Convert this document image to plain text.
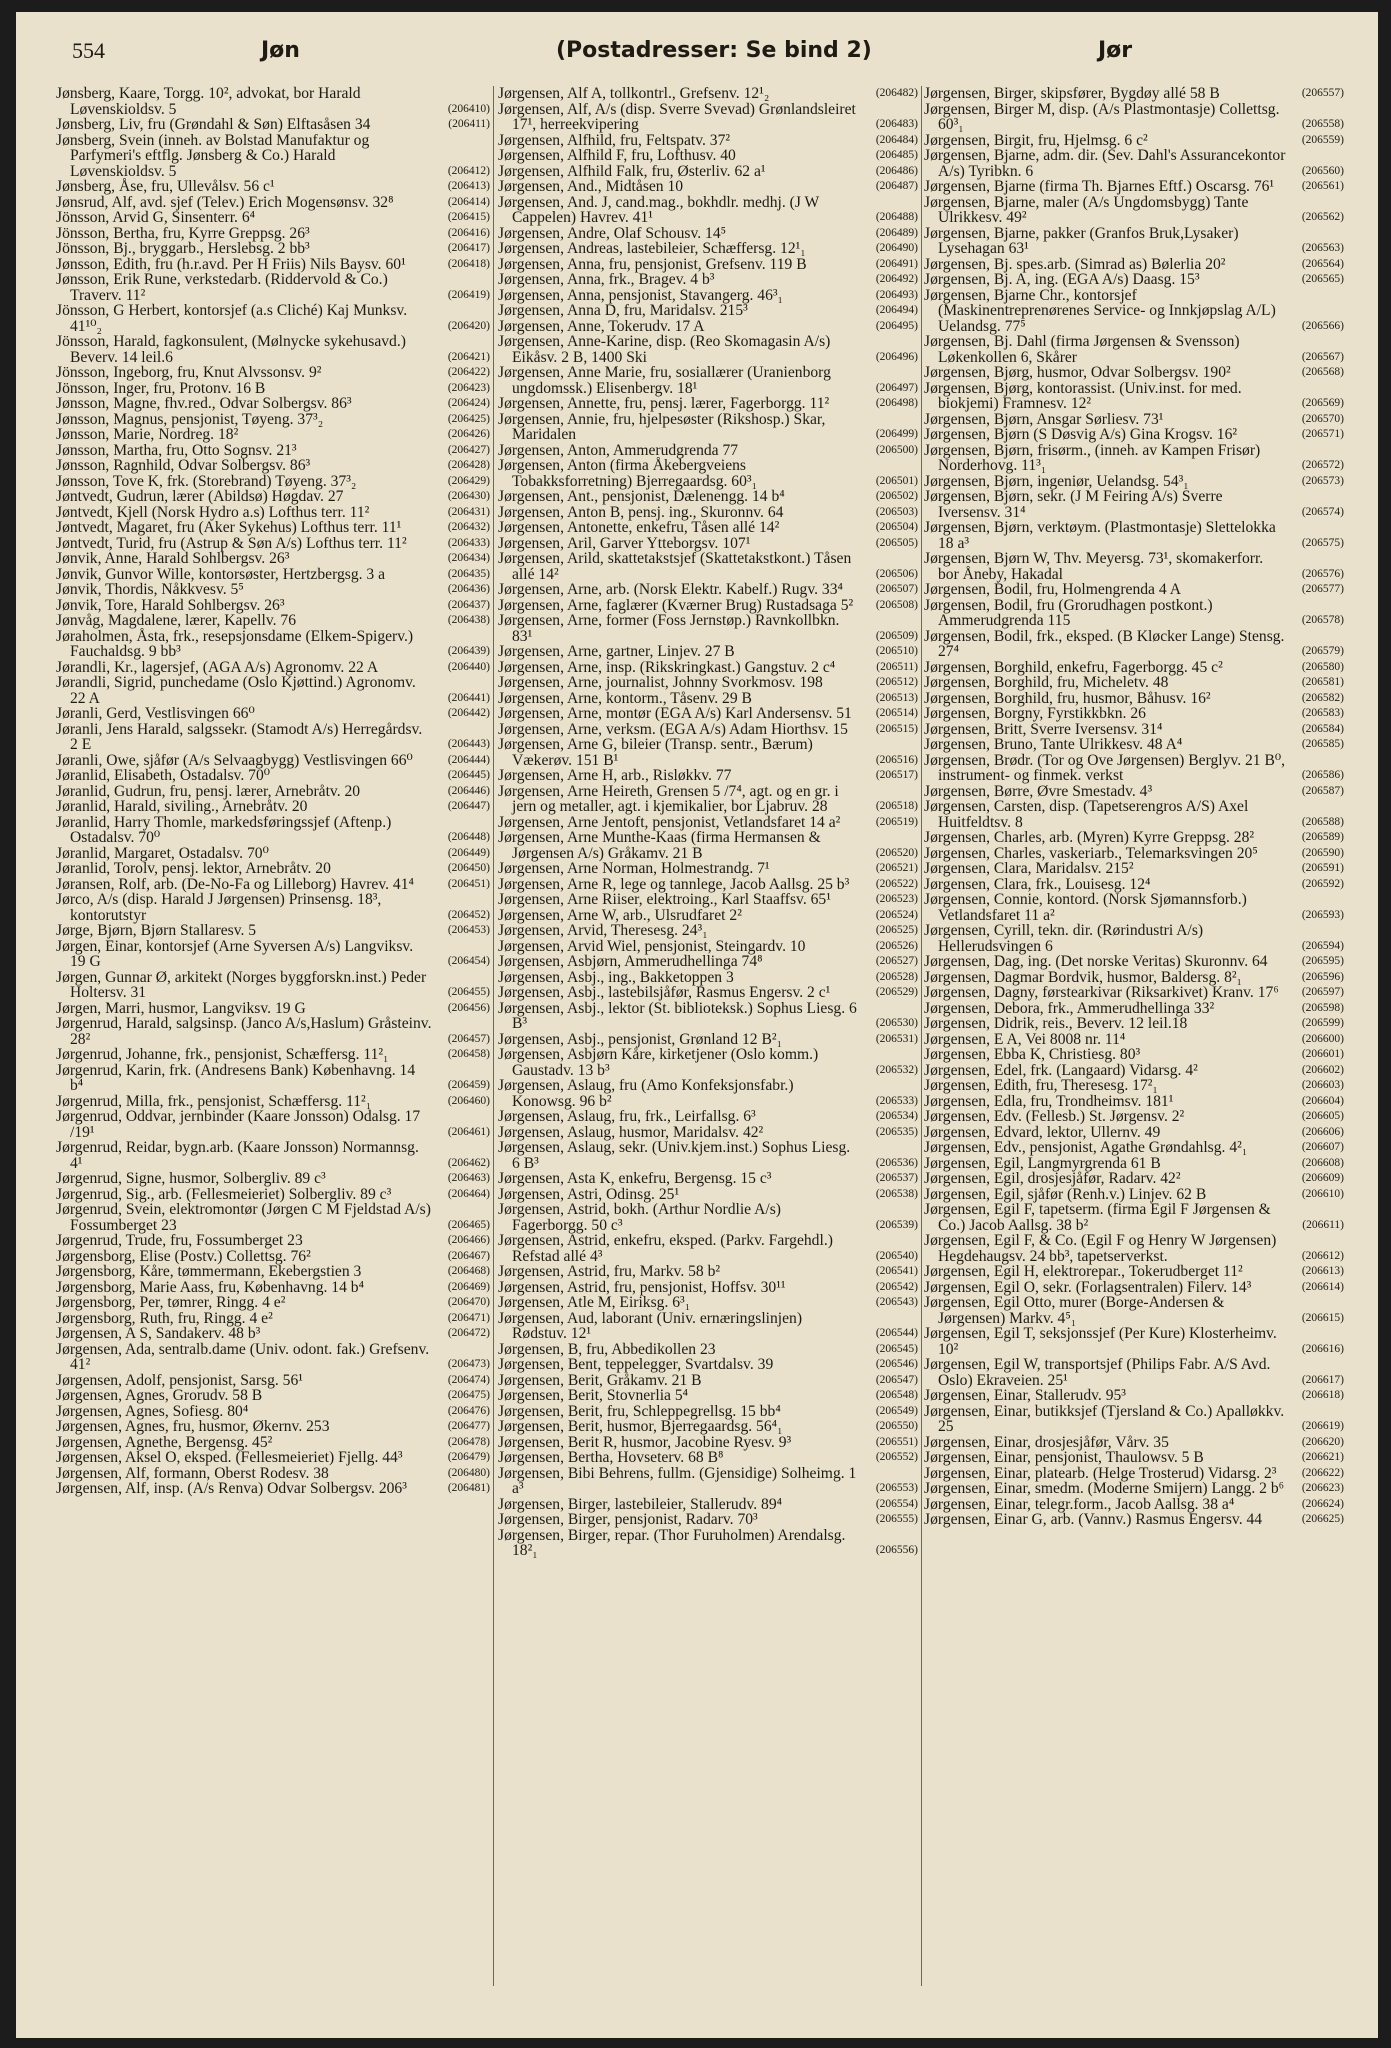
554	Jøn	(Postadresser: Se bind 2)	Jør
Jønsberg, Kaare, Torgg. 10², advokat, bor Harald Løvenskioldsv. 5	(206410)
Jønsberg, Liv, fru (Grøndahl & Søn) Elftasåsen 34	(206411)
Jønsberg, Svein (inneh. av Bolstad Manufaktur og Parfymeri's eftflg. Jønsberg & Co.) Harald Løvenskioldsv. 5	(206412)
Jønsberg, Åse, fru, Ullevålsv. 56 c¹	(206413)
Jønsrud, Alf, avd. sjef (Telev.) Erich Mogensønsv. 32⁸	(206414)
Jönsson, Arvid G, Sinsenterr. 6⁴	(206415)
Jönsson, Bertha, fru, Kyrre Greppsg. 26³	(206416)
Jönsson, Bj., bryggarb., Herslebsg. 2 bb³	(206417)
Jønsson, Edith, fru (h.r.avd. Per H Friis) Nils Baysv. 60¹	(206418)
Jønsson, Erik Rune, verkstedarb. (Riddervold & Co.) Traverv. 11²	(206419)
Jönsson, G Herbert, kontorsjef (a.s Cliché) Kaj Munksv. 41¹⁰₂	(206420)
Jönsson, Harald, fagkonsulent, (Mølnycke sykehusavd.) Beverv. 14 leil.6	(206421)
Jönsson, Ingeborg, fru, Knut Alvssonsv. 9²	(206422)
Jönsson, Inger, fru, Protonv. 16 B	(206423)
Jønsson, Magne, fhv.red., Odvar Solbergsv. 86³	(206424)
Jønsson, Magnus, pensjonist, Tøyeng. 37³₂	(206425)
Jønsson, Marie, Nordreg. 18²	(206426)
Jønsson, Martha, fru, Otto Sognsv. 21³	(206427)
Jønsson, Ragnhild, Odvar Solbergsv. 86³	(206428)
Jønsson, Tove K, frk. (Storebrand) Tøyeng. 37³₂	(206429)
Jøntvedt, Gudrun, lærer (Abildsø) Høgdav. 27	(206430)
Jøntvedt, Kjell (Norsk Hydro a.s) Lofthus terr. 11²	(206431)
Jøntvedt, Magaret, fru (Aker Sykehus) Lofthus terr. 11¹	(206432)
Jøntvedt, Turid, fru (Astrup & Søn A/s) Lofthus terr. 11²	(206433)
Jønvik, Anne, Harald Sohlbergsv. 26³	(206434)
Jønvik, Gunvor Wille, kontorsøster, Hertzbergsg. 3 a	(206435)
Jønvik, Thordis, Nåkkvesv. 5⁵	(206436)
Jønvik, Tore, Harald Sohlbergsv. 26³	(206437)
Jønvåg, Magdalene, lærer, Kapellv. 76	(206438)
Jøraholmen, Åsta, frk., resepsjonsdame (Elkem-Spigerv.) Fauchaldsg. 9 bb³	(206439)
Jørandli, Kr., lagersjef, (AGA A/s) Agronomv. 22 A	(206440)
Jørandli, Sigrid, punchedame (Oslo Kjøttind.) Agronomv. 22 A	(206441)
Jøranli, Gerd, Vestlisvingen 66⁰	(206442)
Jøranli, Jens Harald, salgssekr. (Stamodt A/s) Herregårdsv. 2 E	(206443)
Jøranli, Owe, sjåfør (A/s Selvaagbygg) Vestlisvingen 66⁰	(206444)
Jøranlid, Elisabeth, Ostadalsv. 70⁰	(206445)
Jøranlid, Gudrun, fru, pensj. lærer, Arnebråtv. 20	(206446)
Jøranlid, Harald, siviling., Arnebråtv. 20	(206447)
Jøranlid, Harry Thomle, markedsføringssjef (Aftenp.) Ostadalsv. 70⁰	(206448)
Jøranlid, Margaret, Ostadalsv. 70⁰	(206449)
Jøranlid, Torolv, pensj. lektor, Arnebråtv. 20	(206450)
Jøransen, Rolf, arb. (De-No-Fa og Lilleborg) Havrev. 41⁴	(206451)
Jørco, A/s (disp. Harald J Jørgensen) Prinsensg. 18³, kontorutstyr	(206452)
Jørge, Bjørn, Bjørn Stallaresv. 5	(206453)
Jørgen, Einar, kontorsjef (Arne Syversen A/s) Langviksv. 19 G	(206454)
Jørgen, Gunnar Ø, arkitekt (Norges byggforskn.inst.) Peder Holtersv. 31	(206455)
Jørgen, Marri, husmor, Langviksv. 19 G	(206456)
Jørgenrud, Harald, salgsinsp. (Janco A/s,Haslum) Gråsteinv. 28²	(206457)
Jørgenrud, Johanne, frk., pensjonist, Schæffersg. 11²₁	(206458)
Jørgenrud, Karin, frk. (Andresens Bank) Københavng. 14 b⁴	(206459)
Jørgenrud, Milla, frk., pensjonist, Schæffersg. 11²₁	(206460)
Jørgenrud, Oddvar, jernbinder (Kaare Jonsson) Odalsg. 17 /19¹	(206461)
Jørgenrud, Reidar, bygn.arb. (Kaare Jonsson) Normannsg. 4¹	(206462)
Jørgenrud, Signe, husmor, Solbergliv. 89 c³	(206463)
Jørgenrud, Sig., arb. (Fellesmeieriet) Solbergliv. 89 c³	(206464)
Jørgenrud, Svein, elektromontør (Jørgen C M Fjeldstad A/s) Fossumberget 23	(206465)
Jørgenrud, Trude, fru, Fossumberget 23	(206466)
Jørgensborg, Elise (Postv.) Collettsg. 76²	(206467)
Jørgensborg, Kåre, tømmermann, Ekebergstien 3	(206468)
Jørgensborg, Marie Aass, fru, Københavng. 14 b⁴	(206469)
Jørgensborg, Per, tømrer, Ringg. 4 e²	(206470)
Jørgensborg, Ruth, fru, Ringg. 4 e²	(206471)
Jørgensen, A S, Sandakerv. 48 b³	(206472)
Jørgensen, Ada, sentralb.dame (Univ. odont. fak.) Grefsenv. 41²	(206473)
Jørgensen, Adolf, pensjonist, Sarsg. 56¹	(206474)
Jørgensen, Agnes, Grorudv. 58 B	(206475)
Jørgensen, Agnes, Sofiesg. 80⁴	(206476)
Jørgensen, Agnes, fru, husmor, Økernv. 253	(206477)
Jørgensen, Agnethe, Bergensg. 45²	(206478)
Jørgensen, Aksel O, eksped. (Fellesmeieriet) Fjellg. 44³	(206479)
Jørgensen, Alf, formann, Oberst Rodesv. 38	(206480)
Jørgensen, Alf, insp. (A/s Renva) Odvar Solbergsv. 206³	(206481)
Jørgensen, Alf A, tollkontrl., Grefsenv. 12¹₂	(206482)
Jørgensen, Alf, A/s (disp. Sverre Svevad) Grønlandsleiret 17¹, herreekvipering	(206483)
Jørgensen, Alfhild, fru, Feltspatv. 37²	(206484)
Jørgensen, Alfhild F, fru, Lofthusv. 40	(206485)
Jørgensen, Alfhild Falk, fru, Østerliv. 62 a¹	(206486)
Jørgensen, And., Midtåsen 10	(206487)
Jørgensen, And. J, cand.mag., bokhdlr. medhj. (J W Cappelen) Havrev. 41¹	(206488)
Jørgensen, Andre, Olaf Schousv. 14⁵	(206489)
Jørgensen, Andreas, lastebileier, Schæffersg. 12¹₁	(206490)
Jørgensen, Anna, fru, pensjonist, Grefsenv. 119 B	(206491)
Jørgensen, Anna, frk., Bragev. 4 b³	(206492)
Jørgensen, Anna, pensjonist, Stavangerg. 46³₁	(206493)
Jørgensen, Anna D, fru, Maridalsv. 215³	(206494)
Jørgensen, Anne, Tokerudv. 17 A	(206495)
Jørgensen, Anne-Karine, disp. (Reo Skomagasin A/s) Eikåsv. 2 B, 1400 Ski	(206496)
Jørgensen, Anne Marie, fru, sosiallærer (Uranienborg ungdomssk.) Elisenbergv. 18¹	(206497)
Jørgensen, Annette, fru, pensj. lærer, Fagerborgg. 11²	(206498)
Jørgensen, Annie, fru, hjelpesøster (Rikshosp.) Skar, Maridalen	(206499)
Jørgensen, Anton, Ammerudgrenda 77	(206500)
Jørgensen, Anton (firma Åkebergveiens Tobakksforretning) Bjerregaardsg. 60³₁	(206501)
Jørgensen, Ant., pensjonist, Dælenengg. 14 b⁴	(206502)
Jørgensen, Anton B, pensj. ing., Skuronnv. 64	(206503)
Jørgensen, Antonette, enkefru, Tåsen allé 14²	(206504)
Jørgensen, Aril, Garver Ytteborgsv. 107¹	(206505)
Jørgensen, Arild, skattetakstsjef (Skattetakstkont.) Tåsen allé 14²	(206506)
Jørgensen, Arne, arb. (Norsk Elektr. Kabelf.) Rugv. 33⁴	(206507)
Jørgensen, Arne, faglærer (Kværner Brug) Rustadsaga 5² (206508)
Jørgensen, Arne, former (Foss Jernstøp.) Ravnkollbkn. 83¹	(206509)
Jørgensen, Arne, gartner, Linjev. 27 B	(206510)
Jørgensen, Arne, insp. (Rikskringkast.) Gangstuv. 2 c⁴	(206511)
Jørgensen, Arne, journalist, Johnny Svorkmosv. 198	(206512)
Jørgensen, Arne, kontorm., Tåsenv. 29 B	(206513)
Jørgensen, Arne, montør (EGA A/s) Karl Andersensv. 51 (206514)
Jørgensen, Arne, verksm. (EGA A/s) Adam Hiorthsv. 15 (206515)
Jørgensen, Arne G, bileier (Transp. sentr., Bærum) Vækerøv. 151 B¹	(206516)
Jørgensen, Arne H, arb., Risløkkv. 77	(206517)
Jørgensen, Arne Heireth, Grensen 5 /7⁴, agt. og en gr. i jern og metaller, agt. i kjemikalier, bor Ljabruv. 28	(206518)
Jørgensen, Arne Jentoft, pensjonist, Vetlandsfaret 14 a²	(206519)
Jørgensen, Arne Munthe-Kaas (firma Hermansen & Jørgensen A/s) Gråkamv. 21 B	(206520)
Jørgensen, Arne Norman, Holmestrandg. 7¹	(206521)
Jørgensen, Arne R, lege og tannlege, Jacob Aallsg. 25 b³ (206522)
Jørgensen, Arne Riiser, elektroing., Karl Staaffsv. 65¹	(206523)
Jørgensen, Arne W, arb., Ulsrudfaret 2²	(206524)
Jørgensen, Arvid, Theresesg. 24³₁	(206525)
Jørgensen, Arvid Wiel, pensjonist, Steingardv. 10	(206526)
Jørgensen, Asbjørn, Ammerudhellinga 74⁸	(206527)
Jørgensen, Asbj., ing., Bakketoppen 3	(206528)
Jørgensen, Asbj., lastebilsjåfør, Rasmus Engersv. 2 c¹	(206529)
Jørgensen, Asbj., lektor (St. biblioteksk.) Sophus Liesg. 6 B³	(206530)
Jørgensen, Asbj., pensjonist, Grønland 12 B²₁	(206531)
Jørgensen, Asbjørn Kåre, kirketjener (Oslo komm.) Gaustadv. 13 b³	(206532)
Jørgensen, Aslaug, fru (Amo Konfeksjonsfabr.) Konowsg. 96 b²	(206533)
Jørgensen, Aslaug, fru, frk., Leirfallsg. 6³	(206534)
Jørgensen, Aslaug, husmor, Maridalsv. 42²	(206535)
Jørgensen, Aslaug, sekr. (Univ.kjem.inst.) Sophus Liesg. 6 B³	(206536)
Jørgensen, Asta K, enkefru, Bergensg. 15 c³	(206537)
Jørgensen, Astri, Odinsg. 25¹	(206538)
Jørgensen, Astrid, bokh. (Arthur Nordlie A/s) Fagerborgg. 50 c³	(206539)
Jørgensen, Astrid, enkefru, eksped. (Parkv. Fargehdl.) Refstad allé 4³	(206540)
Jørgensen, Astrid, fru, Markv. 58 b²	(206541)
Jørgensen, Astrid, fru, pensjonist, Hoffsv. 30¹¹	(206542)
Jørgensen, Atle M, Eiriksg. 6³₁	(206543)
Jørgensen, Aud, laborant (Univ. ernæringslinjen) Rødstuv. 12¹	(206544)
Jørgensen, B, fru, Abbedikollen 23	(206545)
Jørgensen, Bent, teppelegger, Svartdalsv. 39	(206546)
Jørgensen, Berit, Gråkamv. 21 B	(206547)
Jørgensen, Berit, Stovnerlia 5⁴	(206548)
Jørgensen, Berit, fru, Schleppegrellsg. 15 bb⁴	(206549)
Jørgensen, Berit, husmor, Bjerregaardsg. 56⁴₁	(206550)
Jørgensen, Berit R, husmor, Jacobine Ryesv. 9³	(206551)
Jørgensen, Bertha, Hovseterv. 68 B⁸	(206552)
Jørgensen, Bibi Behrens, fullm. (Gjensidige) Solheimg. 1 a³	(206553)
Jørgensen, Birger, lastebileier, Stallerudv. 89⁴	(206554)
Jørgensen, Birger, pensjonist, Radarv. 70³	(206555)
Jørgensen, Birger, repar. (Thor Furuholmen) Arendalsg. 18²₁	(206556)
Jørgensen, Birger, skipsfører, Bygdøy allé 58 B	(206557)
Jørgensen, Birger M, disp. (A/s Plastmontasje) Collettsg. 60³₁	(206558)
Jørgensen, Birgit, fru, Hjelmsg. 6 c²	(206559)
Jørgensen, Bjarne, adm. dir. (Sev. Dahl's Assurancekontor A/s) Tyribkn. 6	(206560)
Jørgensen, Bjarne (firma Th. Bjarnes Eftf.) Oscarsg. 76¹ (206561)
Jørgensen, Bjarne, maler (A/s Ungdomsbygg) Tante Ulrikkesv. 49²	(206562)
Jørgensen, Bjarne, pakker (Granfos Bruk,Lysaker) Lysehagan 63¹	(206563)
Jørgensen, Bj. spes.arb. (Simrad as) Bølerlia 20²	(206564)
Jørgensen, Bj. A, ing. (EGA A/s) Daasg. 15³	(206565)
Jørgensen, Bjarne Chr., kontorsjef (Maskinentreprenørenes Service- og Innkjøpslag A/L) Uelandsg. 77⁵	(206566)
Jørgensen, Bj. Dahl (firma Jørgensen & Svensson) Løkenkollen 6, Skårer	(206567)
Jørgensen, Bjørg, husmor, Odvar Solbergsv. 190²	(206568)
Jørgensen, Bjørg, kontorassist. (Univ.inst. for med. biokjemi) Framnesv. 12²	(206569)
Jørgensen, Bjørn, Ansgar Sørliesv. 73¹	(206570)
Jørgensen, Bjørn (S Døsvig A/s) Gina Krogsv. 16²	(206571)
Jørgensen, Bjørn, frisørm., (inneh. av Kampen Frisør) Norderhovg. 11³₁	(206572)
Jørgensen, Bjørn, ingeniør, Uelandsg. 54³₁	(206573)
Jørgensen, Bjørn, sekr. (J M Feiring A/s) Sverre Iversensv. 31⁴	(206574)
Jørgensen, Bjørn, verktøym. (Plastmontasje) Slettelokka 18 a³	(206575)
Jørgensen, Bjørn W, Thv. Meyersg. 73¹, skomakerforr. bor Åneby, Hakadal	(206576)
Jørgensen, Bodil, fru, Holmengrenda 4 A	(206577)
Jørgensen, Bodil, fru (Grorudhagen postkont.) Ammerudgrenda 115	(206578)
Jørgensen, Bodil, frk., eksped. (B Kløcker Lange) Stensg. 27⁴	(206579)
Jørgensen, Borghild, enkefru, Fagerborgg. 45 c²	(206580)
Jørgensen, Borghild, fru, Micheletv. 48	(206581)
Jørgensen, Borghild, fru, husmor, Båhusv. 16²	(206582)
Jørgensen, Borgny, Fyrstikkbkn. 26	(206583)
Jørgensen, Britt, Sverre Iversensv. 31⁴	(206584)
Jørgensen, Bruno, Tante Ulrikkesv. 48 A⁴	(206585)
Jørgensen, Brødr. (Tor og Ove Jørgensen) Berglyv. 21 B⁰, instrument- og finmek. verkst	(206586)
Jørgensen, Børre, Øvre Smestadv. 4³	(206587)
Jørgensen, Carsten, disp. (Tapetserengros A/S) Axel Huitfeldtsv. 8	(206588)
Jørgensen, Charles, arb. (Myren) Kyrre Greppsg. 28²	(206589)
Jørgensen, Charles, vaskeriarb., Telemarksvingen 20⁵	(206590)
Jørgensen, Clara, Maridalsv. 215²	(206591)
Jørgensen, Clara, frk., Louisesg. 12⁴	(206592)
Jørgensen, Connie, kontord. (Norsk Sjømannsforb.) Vetlandsfaret 11 a²	(206593)
Jørgensen, Cyrill, tekn. dir. (Rørindustri A/s) Hellerudsvingen 6	(206594)
Jørgensen, Dag, ing. (Det norske Veritas) Skuronnv. 64	(206595)
Jørgensen, Dagmar Bordvik, husmor, Baldersg. 8²₁	(206596)
Jørgensen, Dagny, førstearkivar (Riksarkivet) Kranv. 17⁶ (206597)
Jørgensen, Debora, frk., Ammerudhellinga 33²	(206598)
Jørgensen, Didrik, reis., Beverv. 12 leil.18	(206599)
Jørgensen, E A, Vei 8008 nr. 11⁴	(206600)
Jørgensen, Ebba K, Christiesg. 80³	(206601)
Jørgensen, Edel, frk. (Langaard) Vidarsg. 4²	(206602)
Jørgensen, Edith, fru, Theresesg. 17²₁	(206603)
Jørgensen, Edla, fru, Trondheimsv. 181¹	(206604)
Jørgensen, Edv. (Fellesb.) St. Jørgensv. 2²	(206605)
Jørgensen, Edvard, lektor, Ullernv. 49	(206606)
Jørgensen, Edv., pensjonist, Agathe Grøndahlsg. 4²₁	(206607)
Jørgensen, Egil, Langmyrgrenda 61 B	(206608)
Jørgensen, Egil, drosjesjåfør, Radarv. 42²	(206609)
Jørgensen, Egil, sjåfør (Renh.v.) Linjev. 62 B	(206610)
Jørgensen, Egil F, tapetserm. (firma Egil F Jørgensen & Co.) Jacob Aallsg. 38 b²	(206611)
Jørgensen, Egil F, & Co. (Egil F og Henry W Jørgensen) Hegdehaugsv. 24 bb³, tapetserverkst.	(206612)
Jørgensen, Egil H, elektrorepar., Tokerudberget 11²	(206613)
Jørgensen, Egil O, sekr. (Forlagsentralen) Filerv. 14³	(206614)
Jørgensen, Egil Otto, murer (Borge-Andersen & Jørgensen) Markv. 4⁵₁	(206615)
Jørgensen, Egil T, seksjonssjef (Per Kure) Klosterheimv. 10²	(206616)
Jørgensen, Egil W, transportsjef (Philips Fabr. A/S Avd. Oslo) Ekraveien. 25¹	(206617)
Jørgensen, Einar, Stallerudv. 95³	(206618)
Jørgensen, Einar, butikksjef (Tjersland & Co.) Apalløkkv. 25	(206619)
Jørgensen, Einar, drosjesjåfør, Vårv. 35	(206620)
Jørgensen, Einar, pensjonist, Thaulowsv. 5 B	(206621)
Jørgensen, Einar, platearb. (Helge Trosterud) Vidarsg. 2³ (206622)
Jørgensen, Einar, smedm. (Moderne Smijern) Langg. 2 b⁶ (206623)
Jørgensen, Einar, telegr.form., Jacob Aallsg. 38 a⁴	(206624)
Jørgensen, Einar G, arb. (Vannv.) Rasmus Engersv. 44	(206625)
